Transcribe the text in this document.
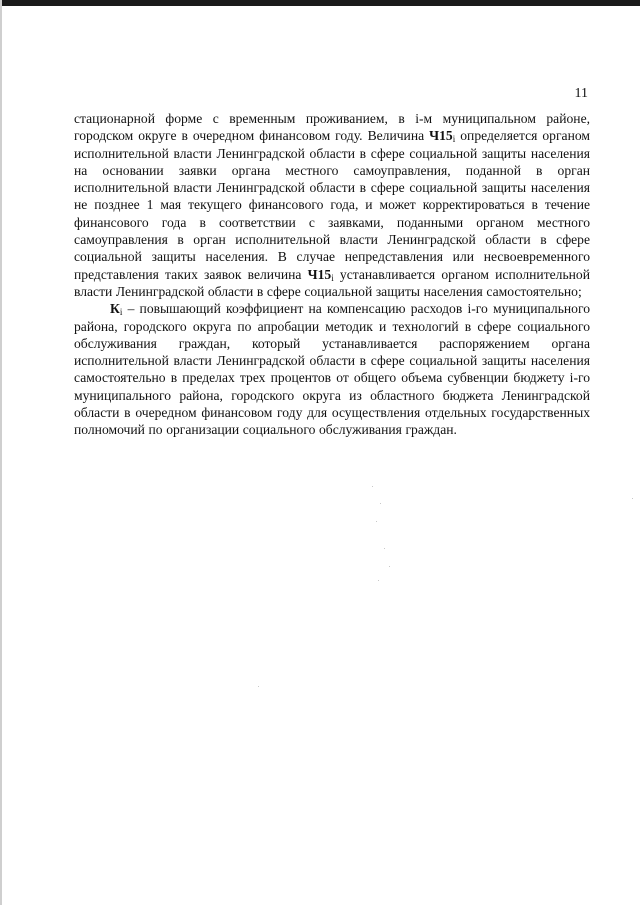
11

стационарной форме с временным проживанием, в i-м муниципальном районе, городском округе в очередном финансовом году. Величина $Ч15_i$ определяется органом исполнительной власти Ленинградской области в сфере социальной защиты населения на основании заявки органа местного самоуправления, поданной в орган исполнительной власти Ленинградской области в сфере социальной защиты населения не позднее 1 мая текущего финансового года, и может корректироваться в течение финансового года в соответствии с заявками, поданными органом местного самоуправления в орган исполнительной власти Ленинградской области в сфере социальной защиты населения. В случае непредставления или несвоевременного представления таких заявок величина $Ч15_i$ устанавливается органом исполнительной власти Ленинградской области в сфере социальной защиты населения самостоятельно;

$К_i$ – повышающий коэффициент на компенсацию расходов i-го муниципального района, городского округа по апробации методик и технологий в сфере социального обслуживания граждан, который устанавливается распоряжением органа исполнительной власти Ленинградской области в сфере социальной защиты населения самостоятельно в пределах трех процентов от общего объема субвенции бюджету i-го муниципального района, городского округа из областного бюджета Ленинградской области в очередном финансовом году для осуществления отдельных государственных полномочий по организации социального обслуживания граждан.
